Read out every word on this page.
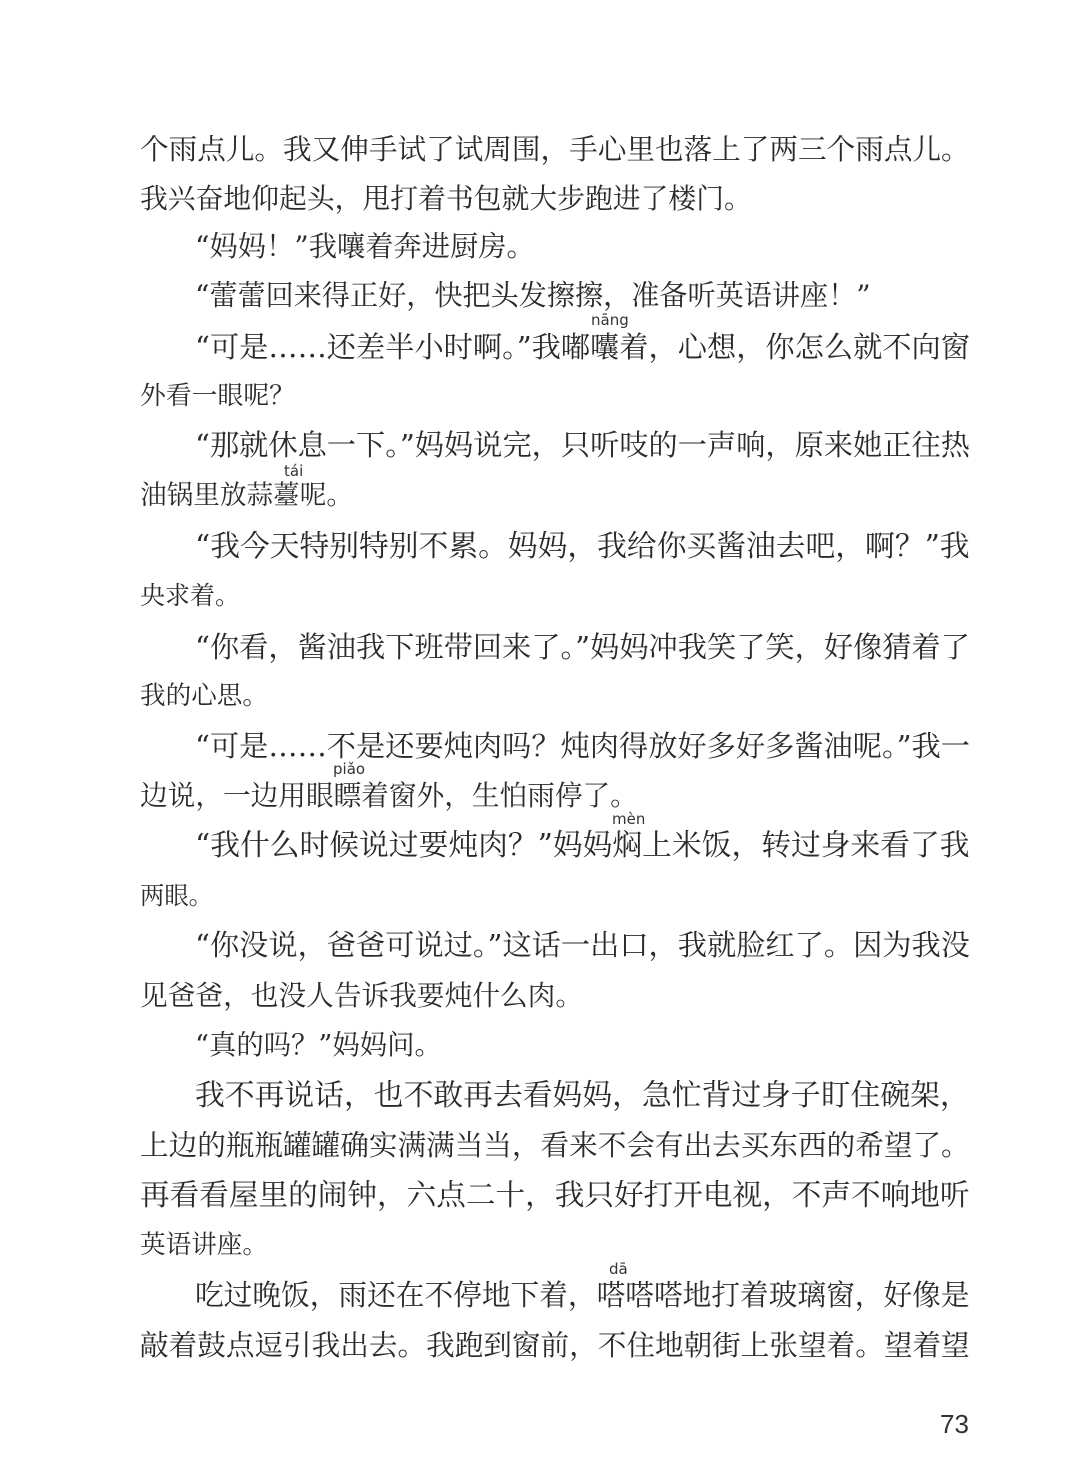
个雨点儿。我又伸手试了试周围，手心里也落上了两三个雨点儿。
我兴奋地仰起头，甩打着书包就大步跑进了楼门。
“妈妈！”我嚷着奔进厨房。
“蕾蕾回来得正好，快把头发擦擦，准备听英语讲座！”
“可是……还差半小时啊。”我嘟囔着，心想，你怎么就不向窗
外看一眼呢？
“那就休息一下。”妈妈说完，只听吱的一声响，原来她正往热
油锅里放蒜薹呢。
“我今天特别特别不累。妈妈，我给你买酱油去吧，啊？”我
央求着。
“你看，酱油我下班带回来了。”妈妈冲我笑了笑，好像猜着了
我的心思。
“可是……不是还要炖肉吗？炖肉得放好多好多酱油呢。”我一
边说，一边用眼瞟着窗外，生怕雨停了。
“我什么时候说过要炖肉？”妈妈焖上米饭，转过身来看了我
两眼。
“你没说，爸爸可说过。”这话一出口，我就脸红了。因为我没
见爸爸，也没人告诉我要炖什么肉。
“真的吗？”妈妈问。
我不再说话，也不敢再去看妈妈，急忙背过身子盯住碗架，
上边的瓶瓶罐罐确实满满当当，看来不会有出去买东西的希望了。
再看看屋里的闹钟，六点二十，我只好打开电视，不声不响地听
英语讲座。
吃过晚饭，雨还在不停地下着，嗒嗒嗒地打着玻璃窗，好像是
敲着鼓点逗引我出去。我跑到窗前，不住地朝街上张望着。望着望
nāng
tái
piǎo
mèn
dā
73
